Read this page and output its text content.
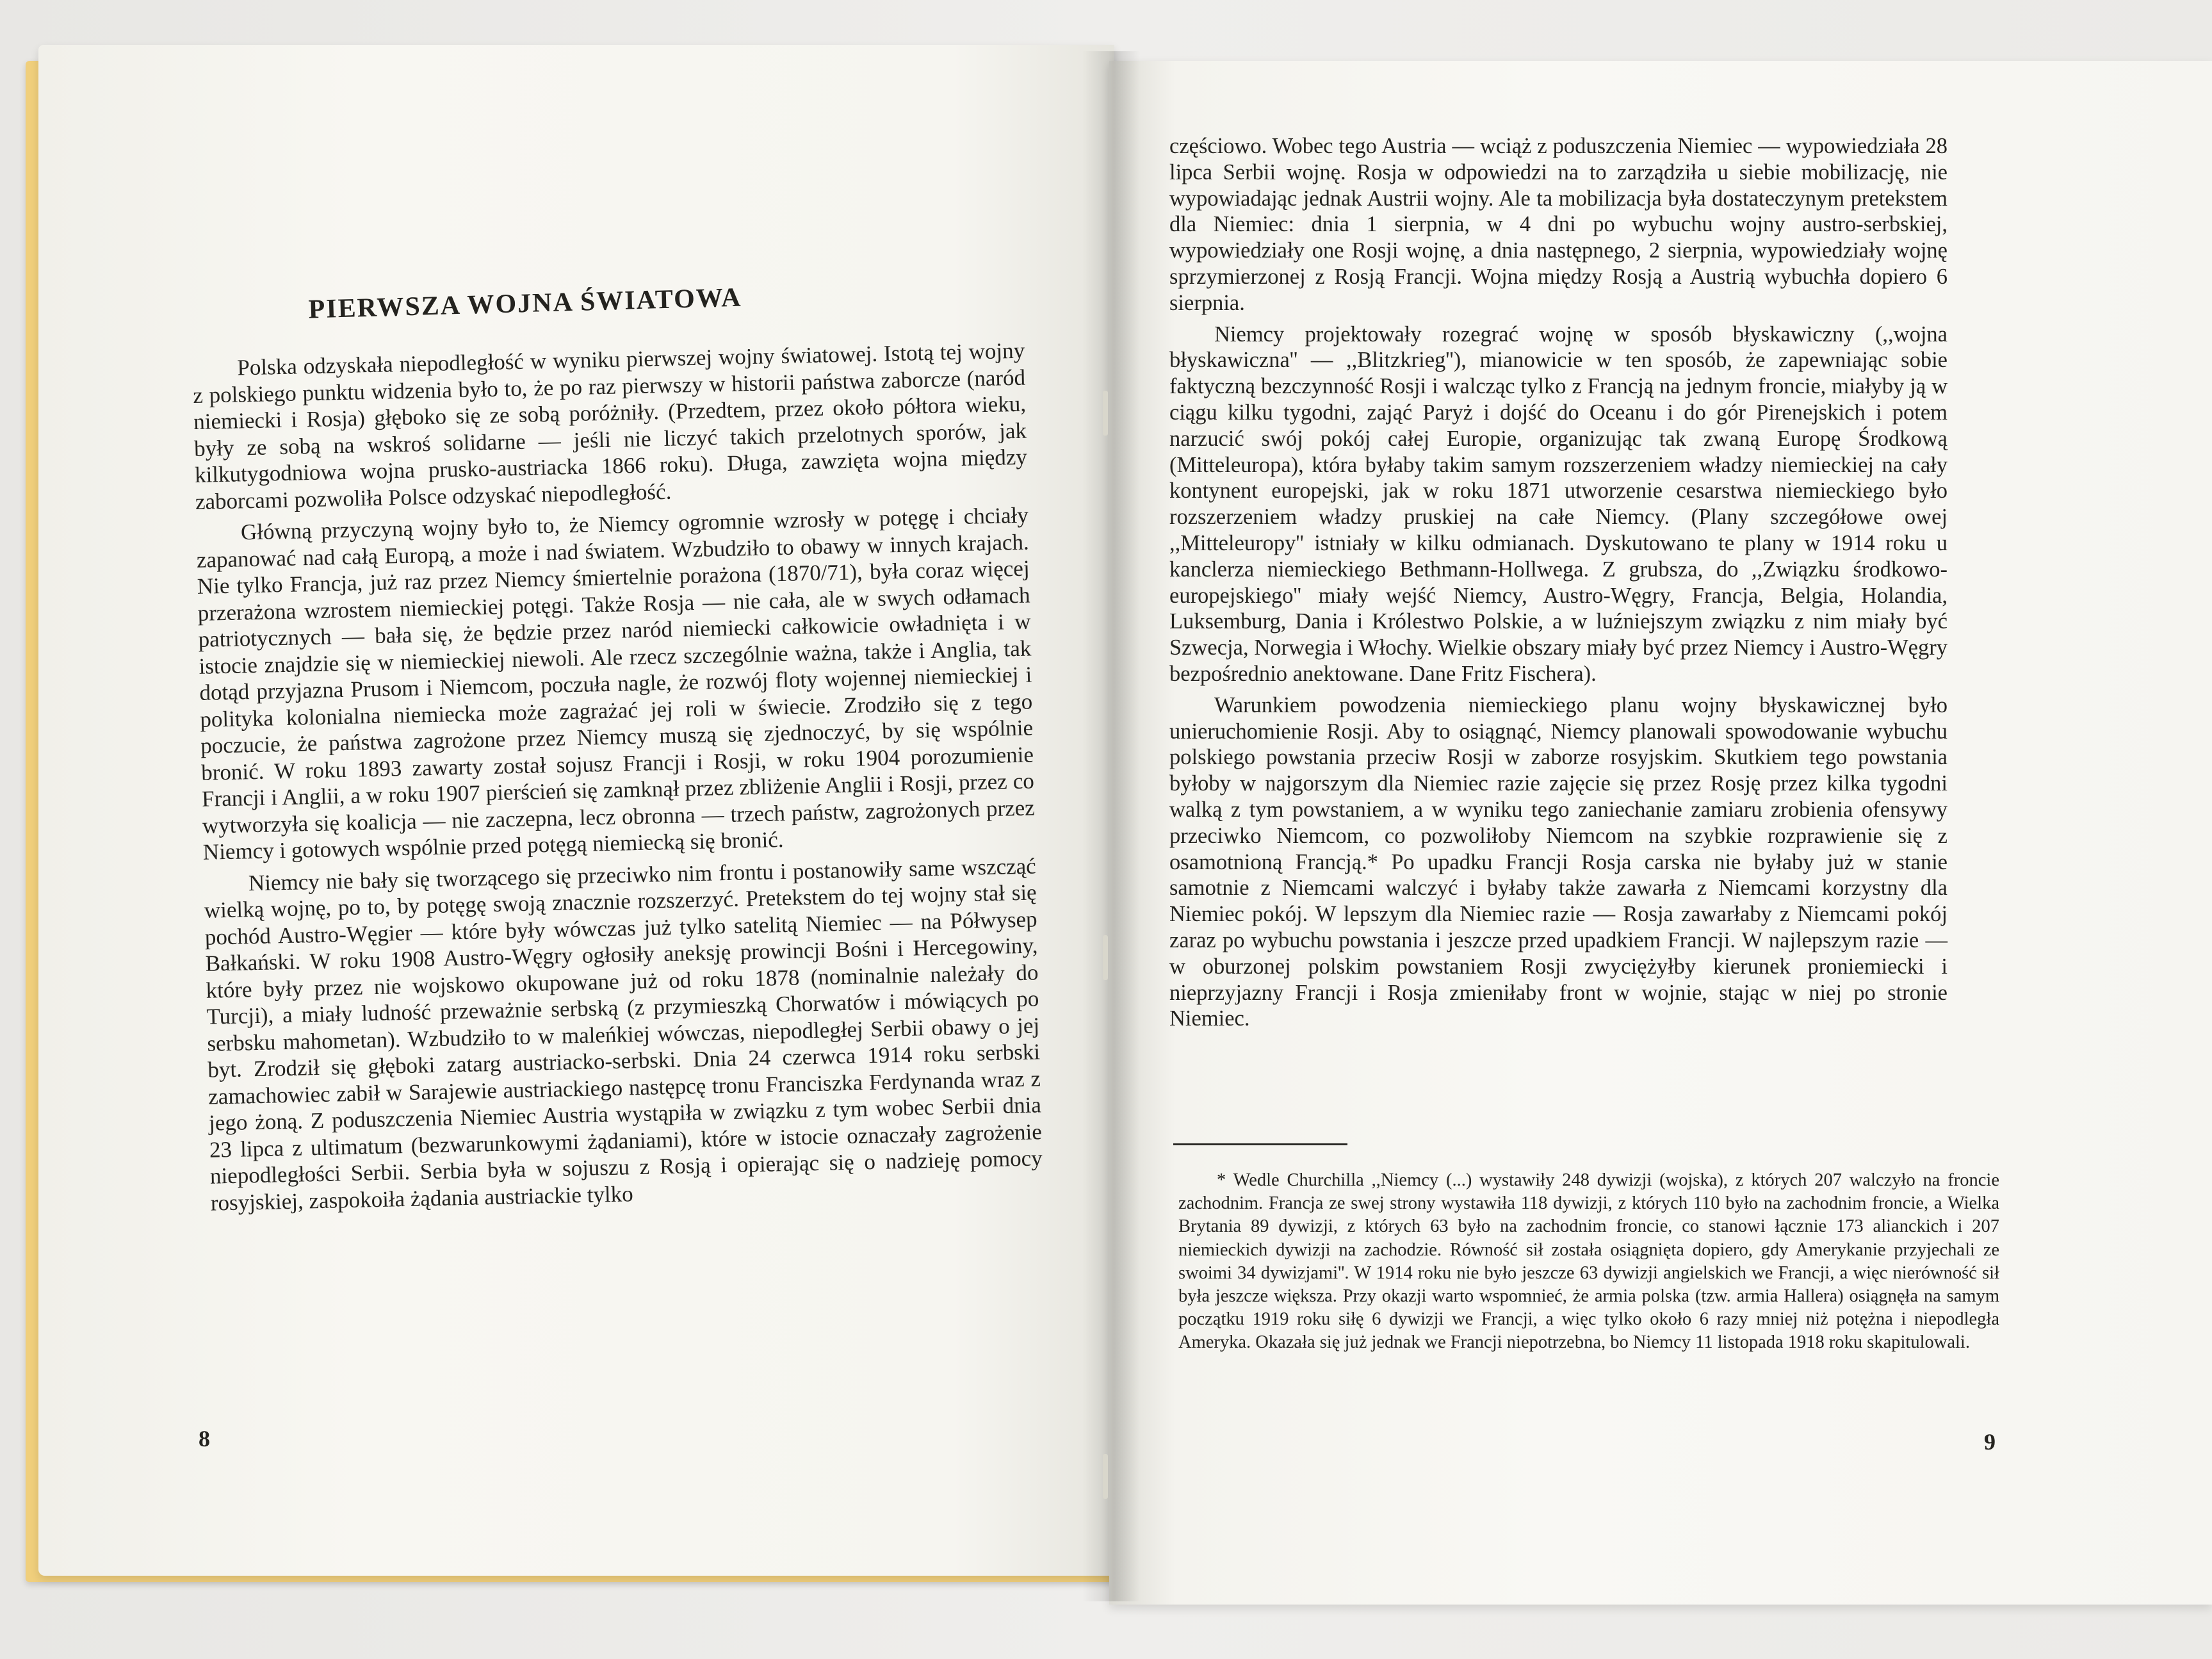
PIERWSZA WOJNA ŚWIATOWA

Polska odzyskała niepodległość w wyniku pierwszej wojny światowej. Istotą tej wojny z polskiego punktu widzenia było to, że po raz pierwszy w historii państwa zaborcze (naród niemiecki i Rosja) głęboko się ze sobą poróżniły. (Przedtem, przez około półtora wieku, były ze sobą na wskroś solidarne — jeśli nie liczyć takich przelotnych sporów, jak kilkutygodniowa wojna prusko-austriacka 1866 roku). Długa, zawzięta wojna między zaborcami pozwoliła Polsce odzyskać niepodległość.

Główną przyczyną wojny było to, że Niemcy ogromnie wzrosły w potęgę i chciały zapanować nad całą Europą, a może i nad światem. Wzbudziło to obawy w innych krajach. Nie tylko Francja, już raz przez Niemcy śmiertelnie porażona (1870/71), była coraz więcej przerażona wzrostem niemieckiej potęgi. Także Rosja — nie cała, ale w swych odłamach patriotycznych — bała się, że będzie przez naród niemiecki całkowicie owładnięta i w istocie znajdzie się w niemieckiej niewoli. Ale rzecz szczególnie ważna, także i Anglia, tak dotąd przyjazna Prusom i Niemcom, poczuła nagle, że rozwój floty wojennej niemieckiej i polityka kolonialna niemiecka może zagrażać jej roli w świecie. Zrodziło się z tego poczucie, że państwa zagrożone przez Niemcy muszą się zjednoczyć, by się wspólnie bronić. W roku 1893 zawarty został sojusz Francji i Rosji, w roku 1904 porozumienie Francji i Anglii, a w roku 1907 pierścień się zamknął przez zbliżenie Anglii i Rosji, przez co wytworzyła się koalicja — nie zaczepna, lecz obronna — trzech państw, zagrożonych przez Niemcy i gotowych wspólnie przed potęgą niemiecką się bronić.

Niemcy nie bały się tworzącego się przeciwko nim frontu i postanowiły same wszcząć wielką wojnę, po to, by potęgę swoją znacznie rozszerzyć. Pretekstem do tej wojny stał się pochód Austro-Węgier — które były wówczas już tylko satelitą Niemiec — na Półwysep Bałkański. W roku 1908 Austro-Węgry ogłosiły aneksję prowincji Bośni i Hercegowiny, które były przez nie wojskowo okupowane już od roku 1878 (nominalnie należały do Turcji), a miały ludność przeważnie serbską (z przymieszką Chorwatów i mówiących po serbsku mahometan). Wzbudziło to w maleńkiej wówczas, niepodległej Serbii obawy o jej byt. Zrodził się głęboki zatarg austriacko-serbski. Dnia 24 czerwca 1914 roku serbski zamachowiec zabił w Sarajewie austriackiego następcę tronu Franciszka Ferdynanda wraz z jego żoną. Z poduszczenia Niemiec Austria wystąpiła w związku z tym wobec Serbii dnia 23 lipca z ultimatum (bezwarunkowymi żądaniami), które w istocie oznaczały zagrożenie niepodległości Serbii. Serbia była w sojuszu z Rosją i opierając się o nadzieję pomocy rosyjskiej, zaspokoiła żądania austriackie tylko

8

częściowo. Wobec tego Austria — wciąż z poduszczenia Niemiec — wypowiedziała 28 lipca Serbii wojnę. Rosja w odpowiedzi na to zarządziła u siebie mobilizację, nie wypowiadając jednak Austrii wojny. Ale ta mobilizacja była dostateczynym pretekstem dla Niemiec: dnia 1 sierpnia, w 4 dni po wybuchu wojny austro-serbskiej, wypowiedziały one Rosji wojnę, a dnia następnego, 2 sierpnia, wypowiedziały wojnę sprzymierzonej z Rosją Francji. Wojna między Rosją a Austrią wybuchła dopiero 6 sierpnia.

Niemcy projektowały rozegrać wojnę w sposób błyskawiczny (,,wojna błyskawiczna'' — ,,Blitzkrieg''), mianowicie w ten sposób, że zapewniając sobie faktyczną bezczynność Rosji i walcząc tylko z Francją na jednym froncie, miałyby ją w ciągu kilku tygodni, zająć Paryż i dojść do Oceanu i do gór Pirenejskich i potem narzucić swój pokój całej Europie, organizując tak zwaną Europę Środkową (Mitteleuropa), która byłaby takim samym rozszerzeniem władzy niemieckiej na cały kontynent europejski, jak w roku 1871 utworzenie cesarstwa niemieckiego było rozszerzeniem władzy pruskiej na całe Niemcy. (Plany szczegółowe owej ,,Mitteleuropy'' istniały w kilku odmianach. Dyskutowano te plany w 1914 roku u kanclerza niemieckiego Bethmann-Hollwega. Z grubsza, do ,,Związku środkowo-europejskiego'' miały wejść Niemcy, Austro-Węgry, Francja, Belgia, Holandia, Luksemburg, Dania i Królestwo Polskie, a w luźniejszym związku z nim miały być Szwecja, Norwegia i Włochy. Wielkie obszary miały być przez Niemcy i Austro-Węgry bezpośrednio anektowane. Dane Fritz Fischera).

Warunkiem powodzenia niemieckiego planu wojny błyskawicznej było unieruchomienie Rosji. Aby to osiągnąć, Niemcy planowali spowodowanie wybuchu polskiego powstania przeciw Rosji w zaborze rosyjskim. Skutkiem tego powstania byłoby w najgorszym dla Niemiec razie zajęcie się przez Rosję przez kilka tygodni walką z tym powstaniem, a w wyniku tego zaniechanie zamiaru zrobienia ofensywy przeciwko Niemcom, co pozwoliłoby Niemcom na szybkie rozprawienie się z osamotnioną Francją.* Po upadku Francji Rosja carska nie byłaby już w stanie samotnie z Niemcami walczyć i byłaby także zawarła z Niemcami korzystny dla Niemiec pokój. W lepszym dla Niemiec razie — Rosja zawarłaby z Niemcami pokój zaraz po wybuchu powstania i jeszcze przed upadkiem Francji. W najlepszym razie — w oburzonej polskim powstaniem Rosji zwyciężyłby kierunek proniemiecki i nieprzyjazny Francji i Rosja zmieniłaby front w wojnie, stając w niej po stronie Niemiec.

* Wedle Churchilla ,,Niemcy (...) wystawiły 248 dywizji (wojska), z których 207 walczyło na froncie zachodnim. Francja ze swej strony wystawiła 118 dywizji, z których 110 było na zachodnim froncie, a Wielka Brytania 89 dywizji, z których 63 było na zachodnim froncie, co stanowi łącznie 173 alianckich i 207 niemieckich dywizji na zachodzie. Równość sił została osiągnięta dopiero, gdy Amerykanie przyjechali ze swoimi 34 dywizjami''. W 1914 roku nie było jeszcze 63 dywizji angielskich we Francji, a więc nierówność sił była jeszcze większa. Przy okazji warto wspomnieć, że armia polska (tzw. armia Hallera) osiągnęła na samym początku 1919 roku siłę 6 dywizji we Francji, a więc tylko około 6 razy mniej niż potężna i niepodległa Ameryka. Okazała się już jednak we Francji niepotrzebna, bo Niemcy 11 listopada 1918 roku skapitulowali.

9
